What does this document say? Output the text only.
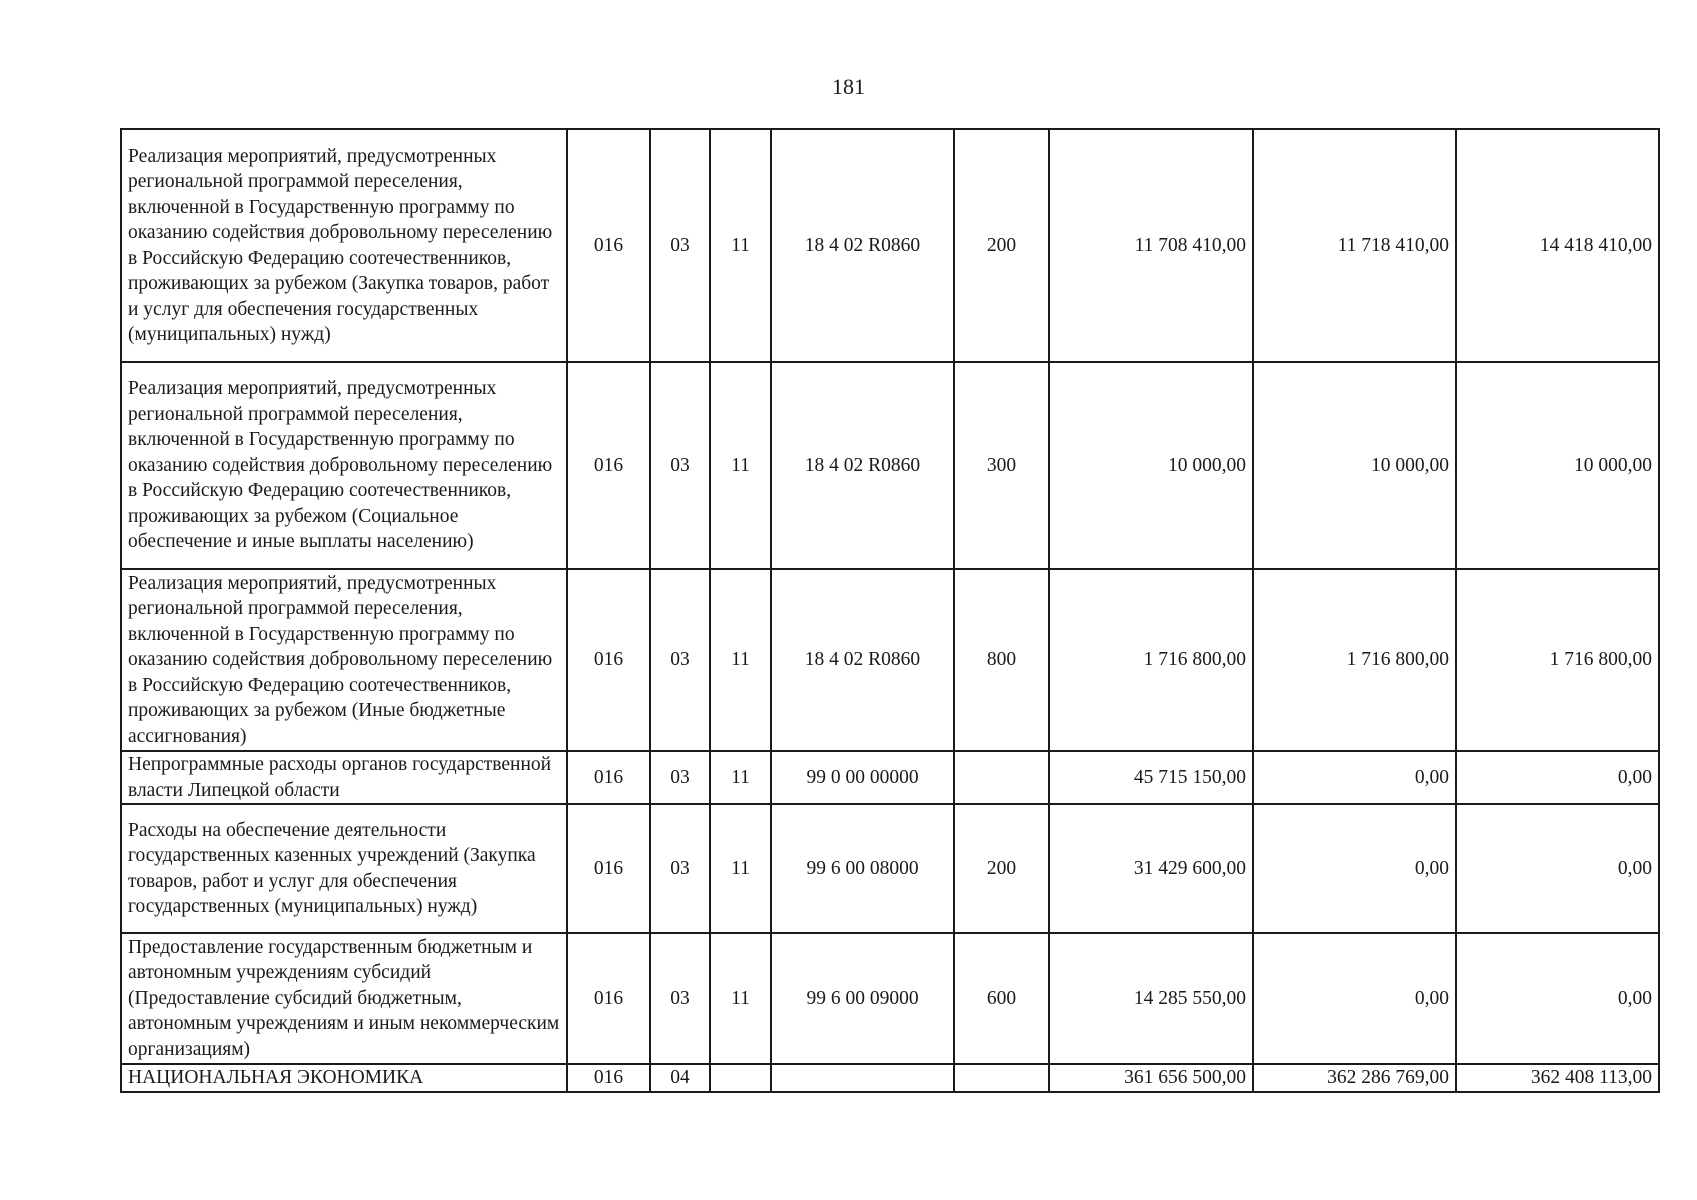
181
Реализация мероприятий, предусмотренных региональной программой переселения, включенной в Государственную программу по оказанию содействия добровольному переселению в Российскую Федерацию соотечественников, проживающих за рубежом (Закупка товаров, работ и услуг для обеспечения государственных (муниципальных) нужд)	016	03	11	18 4 02 R0860	200	11 708 410,00	11 718 410,00	14 418 410,00
Реализация мероприятий, предусмотренных региональной программой переселения, включенной в Государственную программу по оказанию содействия добровольному переселению в Российскую Федерацию соотечественников, проживающих за рубежом (Социальное обеспечение и иные выплаты населению)	016	03	11	18 4 02 R0860	300	10 000,00	10 000,00	10 000,00
Реализация мероприятий, предусмотренных региональной программой переселения, включенной в Государственную программу по оказанию содействия добровольному переселению в Российскую Федерацию соотечественников, проживающих за рубежом (Иные бюджетные ассигнования)	016	03	11	18 4 02 R0860	800	1 716 800,00	1 716 800,00	1 716 800,00
Непрограммные расходы органов государственной власти Липецкой области	016	03	11	99 0 00 00000		45 715 150,00	0,00	0,00
Расходы на обеспечение деятельности государственных казенных учреждений (Закупка товаров, работ и услуг для обеспечения государственных (муниципальных) нужд)	016	03	11	99 6 00 08000	200	31 429 600,00	0,00	0,00
Предоставление государственным бюджетным и автономным учреждениям субсидий (Предоставление субсидий бюджетным, автономным учреждениям и иным некоммерческим организациям)	016	03	11	99 6 00 09000	600	14 285 550,00	0,00	0,00
НАЦИОНАЛЬНАЯ ЭКОНОМИКА	016	04				361 656 500,00	362 286 769,00	362 408 113,00
